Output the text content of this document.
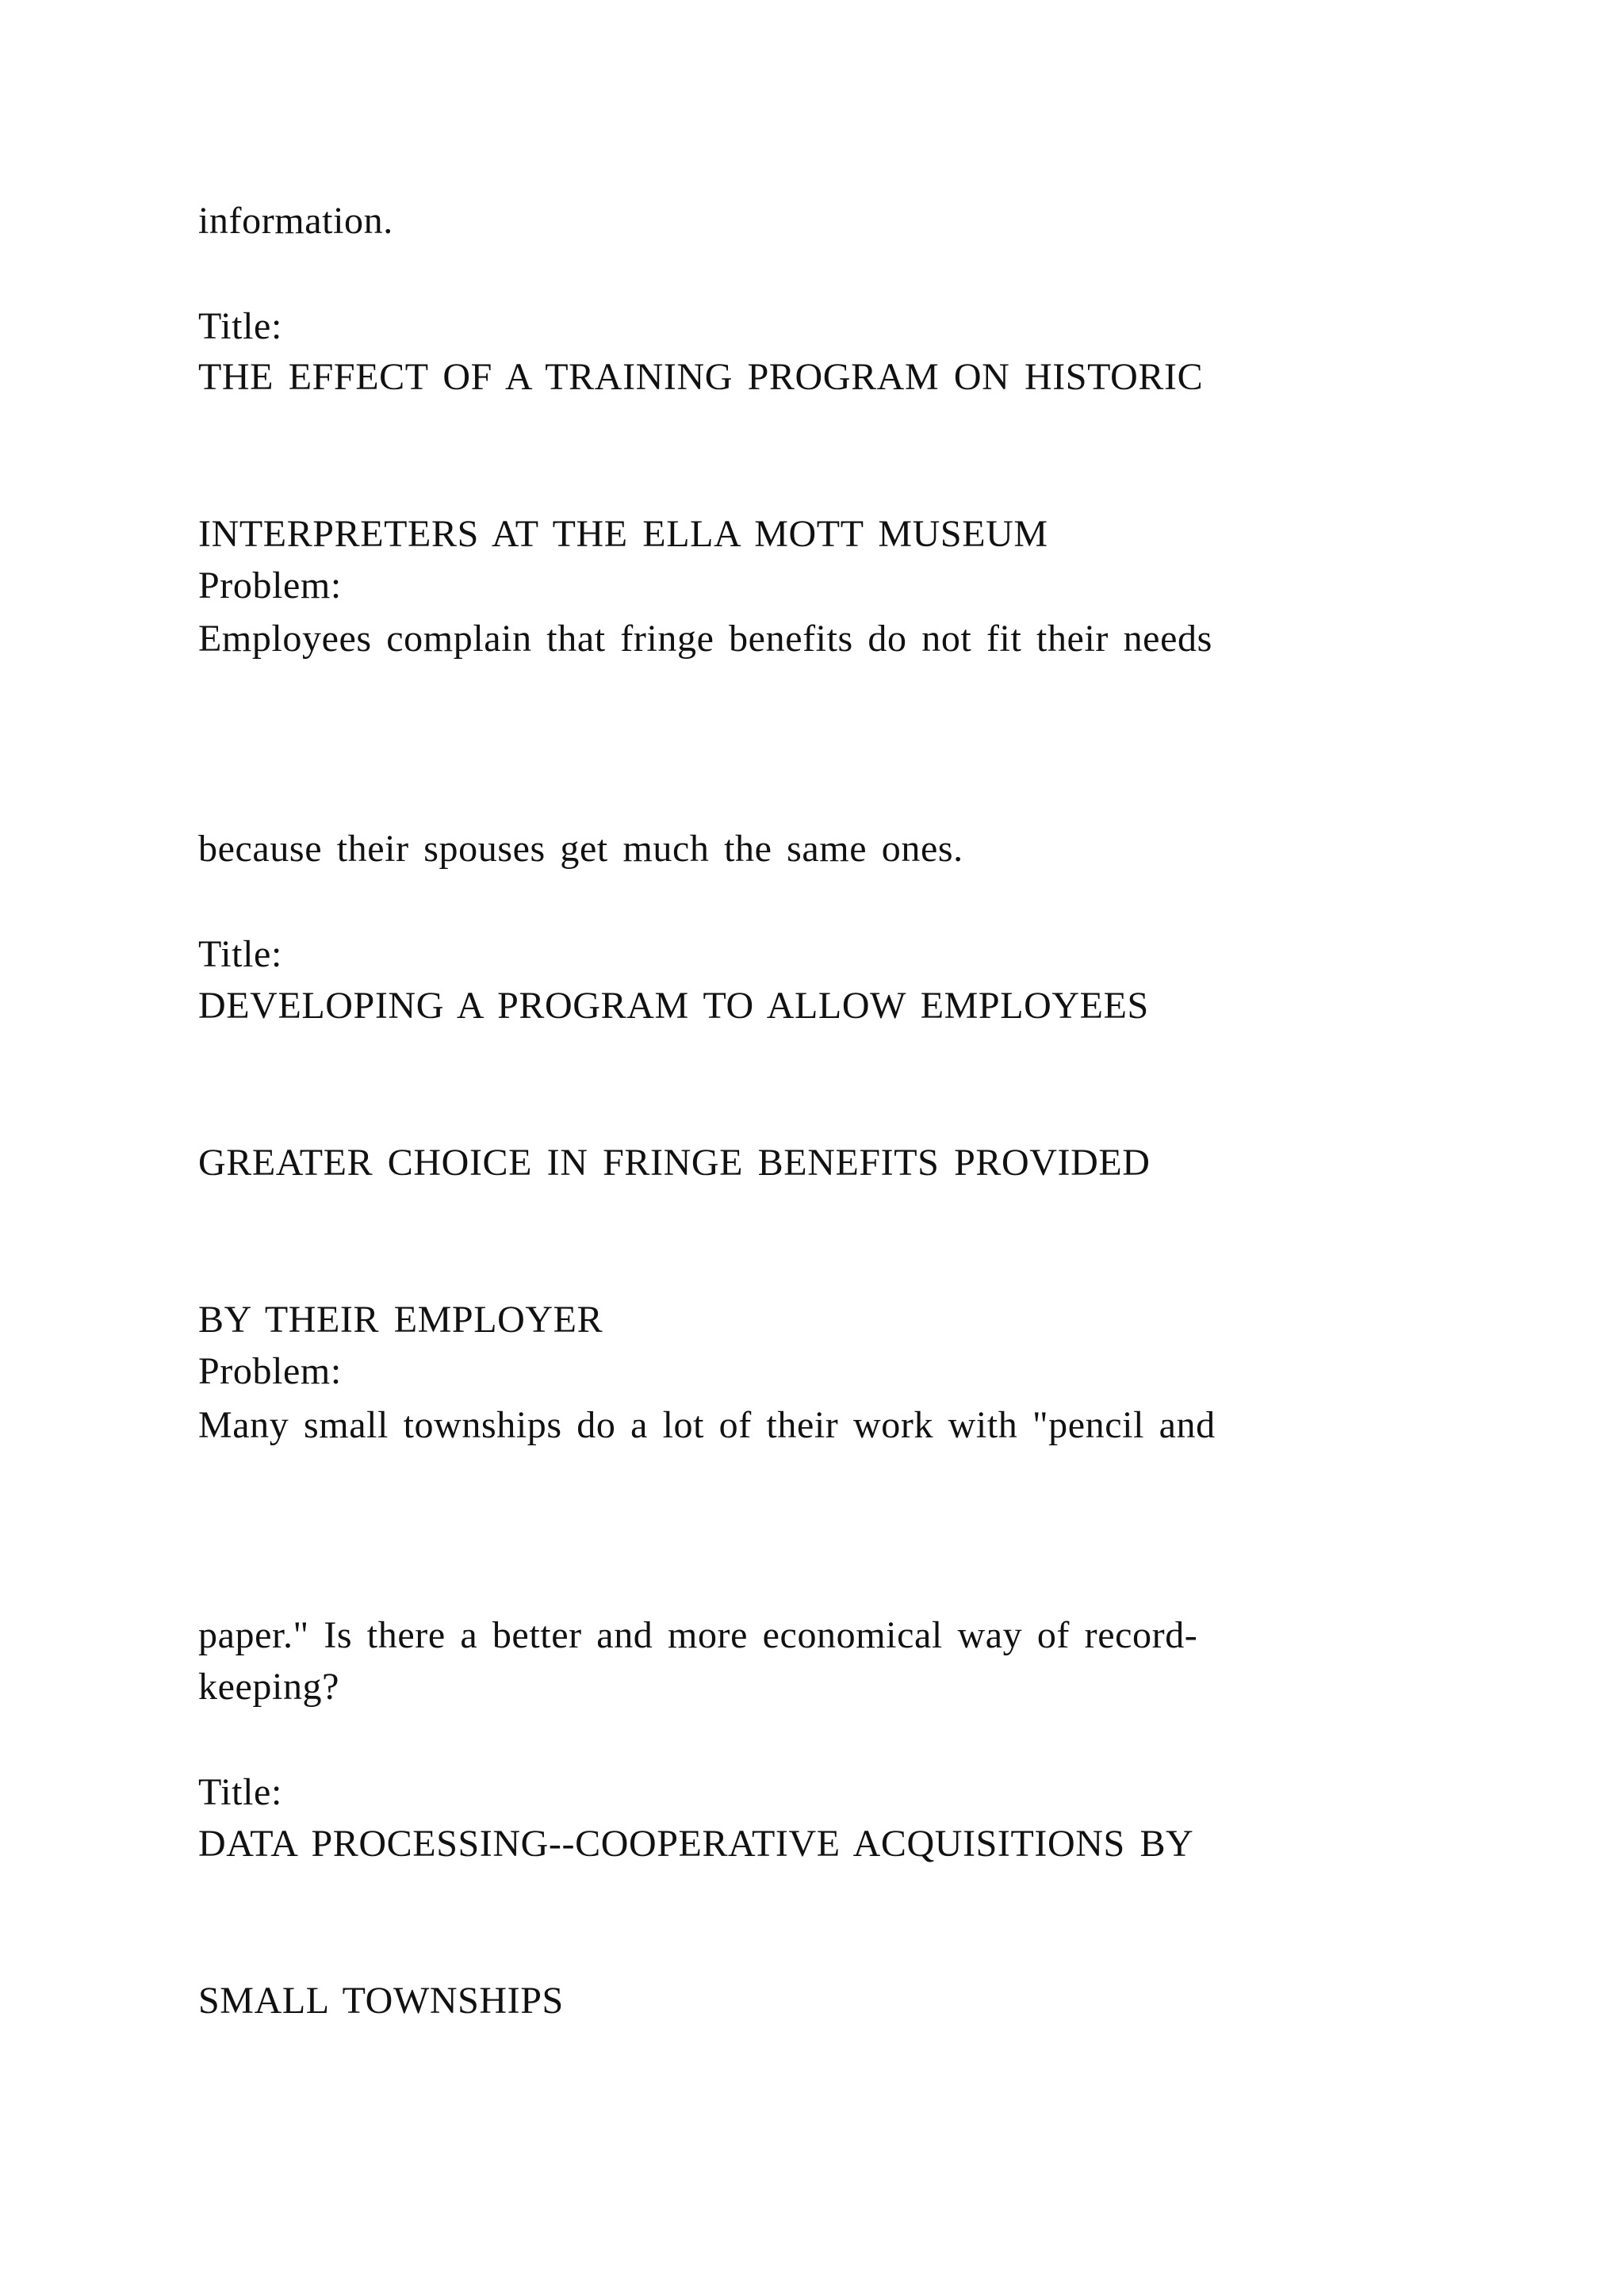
information.
Title:
THE EFFECT OF A TRAINING PROGRAM ON HISTORIC
INTERPRETERS AT THE ELLA MOTT MUSEUM
Problem:
Employees complain that fringe benefits do not fit their needs
because their spouses get much the same ones.
Title:
DEVELOPING A PROGRAM TO ALLOW EMPLOYEES
GREATER CHOICE IN FRINGE BENEFITS PROVIDED
BY THEIR EMPLOYER
Problem:
Many small townships do a lot of their work with "pencil and
paper." Is there a better and more economical way of record-
keeping?
Title:
DATA PROCESSING--COOPERATIVE ACQUISITIONS BY
SMALL TOWNSHIPS
